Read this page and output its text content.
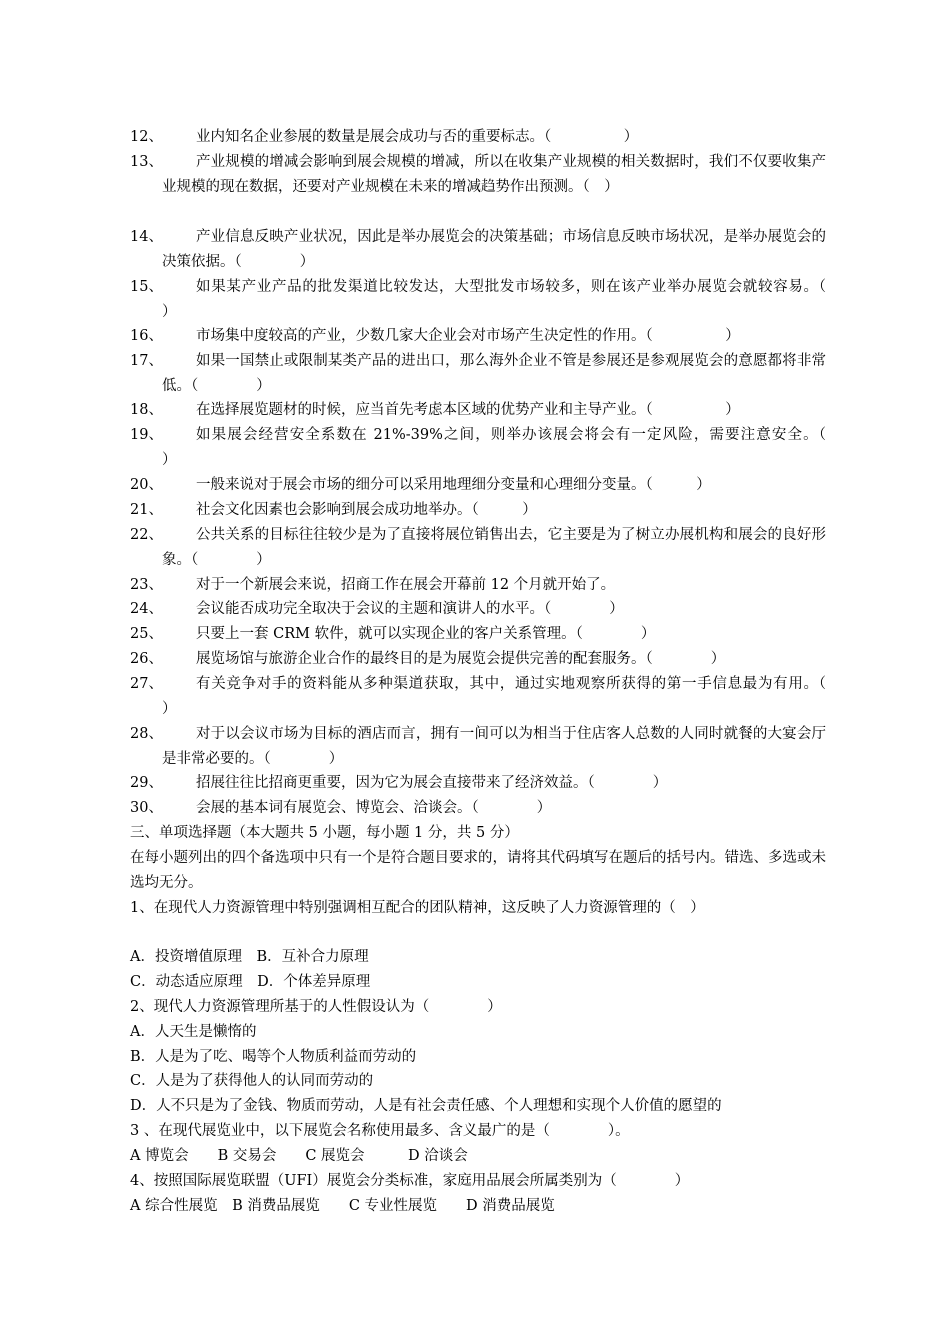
12、	业内知名企业参展的数量是展会成功与否的重要标志。（　　　　　）
13、	产业规模的增减会影响到展会规模的增减，所以在收集产业规模的相关数据时，我们不仅要收集产业规模的现在数据，还要对产业规模在未来的增减趋势作出预测。（　）
14、	产业信息反映产业状况，因此是举办展览会的决策基础；市场信息反映市场状况，是举办展览会的决策依据。（　　　　）
15、	如果某产业产品的批发渠道比较发达，大型批发市场较多，则在该产业举办展览会就较容易。（　　　）
16、	市场集中度较高的产业，少数几家大企业会对市场产生决定性的作用。（　　　　　）
17、	如果一国禁止或限制某类产品的进出口，那么海外企业不管是参展还是参观展览会的意愿都将非常低。（　　　　）
18、	在选择展览题材的时候，应当首先考虑本区域的优势产业和主导产业。（　　　　　）
19、	如果展会经营安全系数在 21%-39%之间，则举办该展会将会有一定风险，需要注意安全。（　　　　）
20、	一般来说对于展会市场的细分可以采用地理细分变量和心理细分变量。（　　　）
21、	社会文化因素也会影响到展会成功地举办。（　　　）
22、	公共关系的目标往往较少是为了直接将展位销售出去，它主要是为了树立办展机构和展会的良好形象。（　　　　）
23、	对于一个新展会来说，招商工作在展会开幕前 12 个月就开始了。
24、	会议能否成功完全取决于会议的主题和演讲人的水平。（　　　　）
25、	只要上一套 CRM 软件，就可以实现企业的客户关系管理。（　　　　）
26、	展览场馆与旅游企业合作的最终目的是为展览会提供完善的配套服务。（　　　　）
27、	有关竞争对手的资料能从多种渠道获取，其中，通过实地观察所获得的第一手信息最为有用。（　　　）
28、	对于以会议市场为目标的酒店而言，拥有一间可以为相当于住店客人总数的人同时就餐的大宴会厅是非常必要的。（　　　　）
29、	招展往往比招商更重要，因为它为展会直接带来了经济效益。（　　　　）
30、	会展的基本词有展览会、博览会、洽谈会。（　　　　）
三、单项选择题（本大题共 5 小题，每小题 1 分，共 5 分）
在每小题列出的四个备选项中只有一个是符合题目要求的，请将其代码填写在题后的括号内。错选、多选或未选均无分。
1、在现代人力资源管理中特别强调相互配合的团队精神，这反映了人力资源管理的（　）
A．投资增值原理　B．互补合力原理
C．动态适应原理　D．个体差异原理
2、现代人力资源管理所基于的人性假设认为（　　　　）
A．人天生是懒惰的
B．人是为了吃、喝等个人物质利益而劳动的
C．人是为了获得他人的认同而劳动的
D．人不只是为了金钱、物质而劳动，人是有社会责任感、个人理想和实现个人价值的愿望的
3 、在现代展览业中，以下展览会名称使用最多、含义最广的是（　　　　）。
A 博览会　　B 交易会　　C 展览会　　　D 洽谈会
4、按照国际展览联盟（UFI）展览会分类标准，家庭用品展会所属类别为（　　　　）
A 综合性展览　B 消费品展览　　C 专业性展览　　D 消费品展览
